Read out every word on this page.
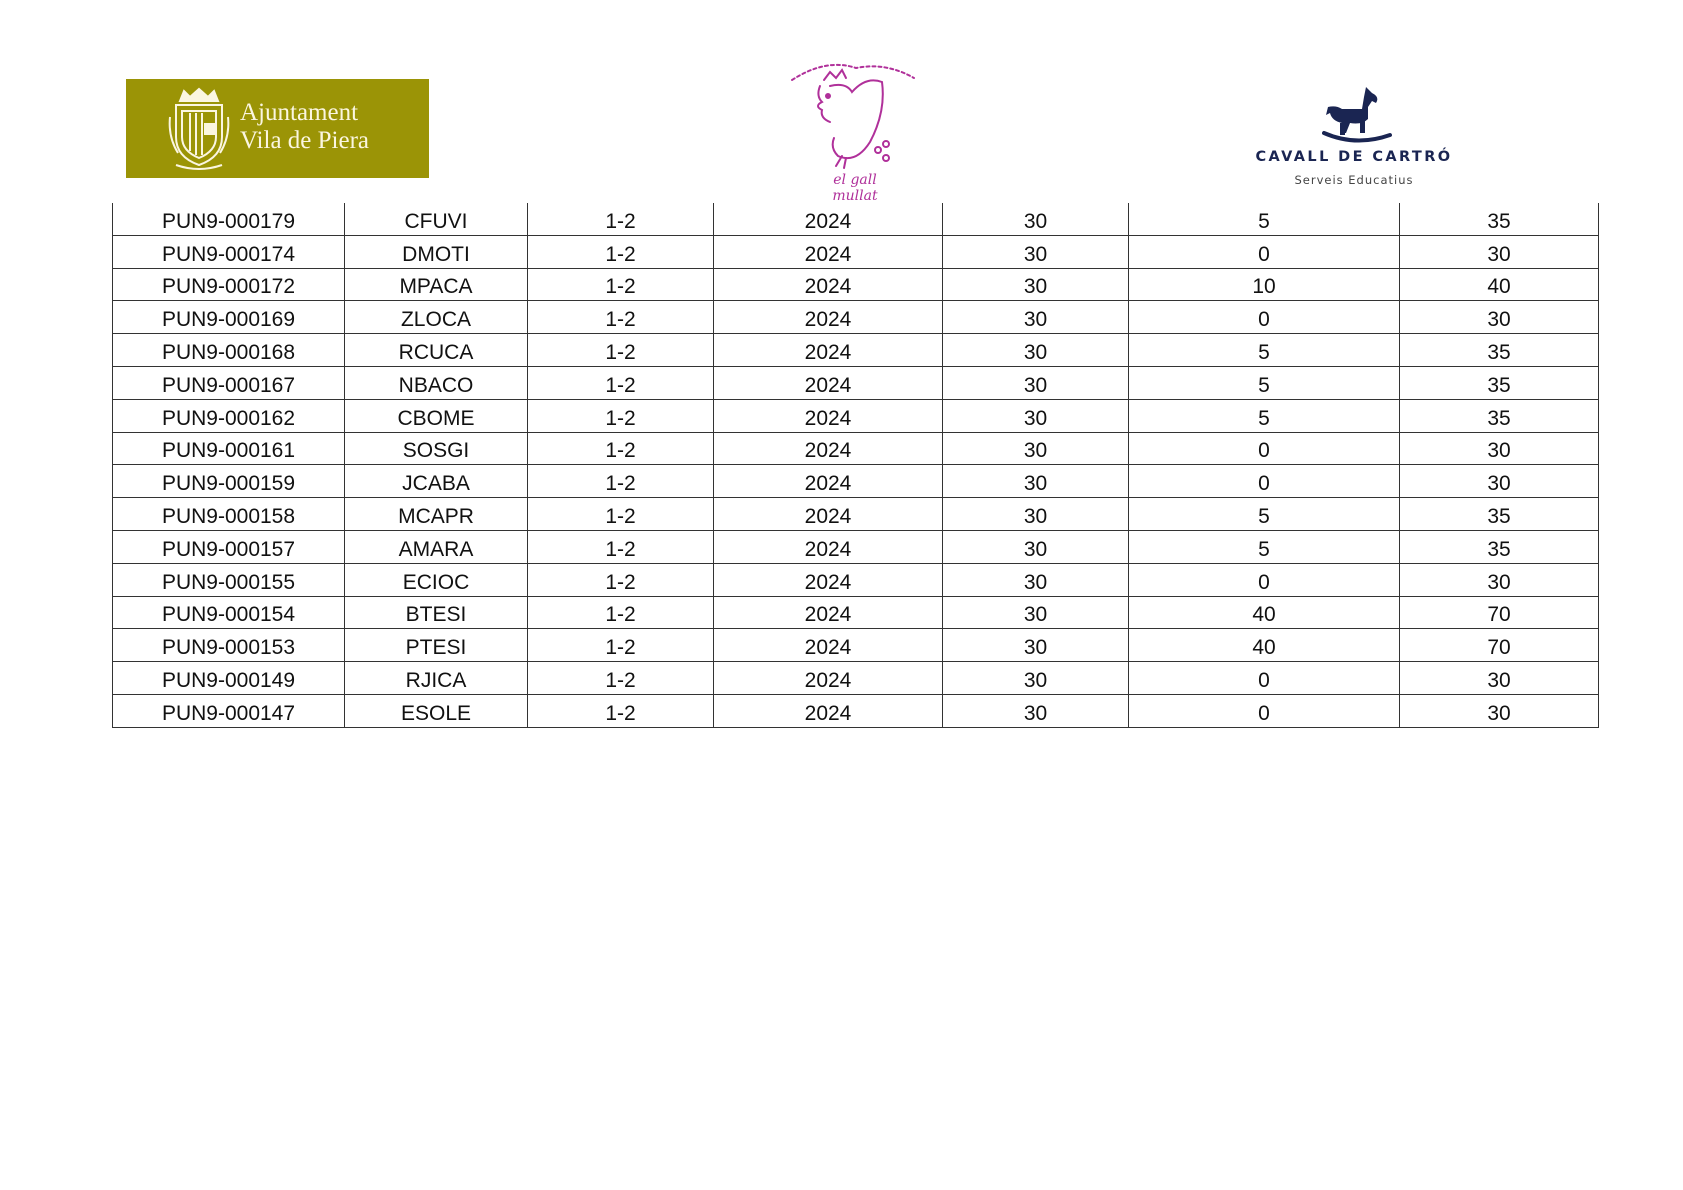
Ajuntament
Vila de Piera
el gall mullat
CAVALL DE CARTRÓ
Serveis Educatius
PUN9-000179	CFUVI	1-2	2024	30	5	35
PUN9-000174	DMOTI	1-2	2024	30	0	30
PUN9-000172	MPACA	1-2	2024	30	10	40
PUN9-000169	ZLOCA	1-2	2024	30	0	30
PUN9-000168	RCUCA	1-2	2024	30	5	35
PUN9-000167	NBACO	1-2	2024	30	5	35
PUN9-000162	CBOME	1-2	2024	30	5	35
PUN9-000161	SOSGI	1-2	2024	30	0	30
PUN9-000159	JCABA	1-2	2024	30	0	30
PUN9-000158	MCAPR	1-2	2024	30	5	35
PUN9-000157	AMARA	1-2	2024	30	5	35
PUN9-000155	ECIOC	1-2	2024	30	0	30
PUN9-000154	BTESI	1-2	2024	30	40	70
PUN9-000153	PTESI	1-2	2024	30	40	70
PUN9-000149	RJICA	1-2	2024	30	0	30
PUN9-000147	ESOLE	1-2	2024	30	0	30
